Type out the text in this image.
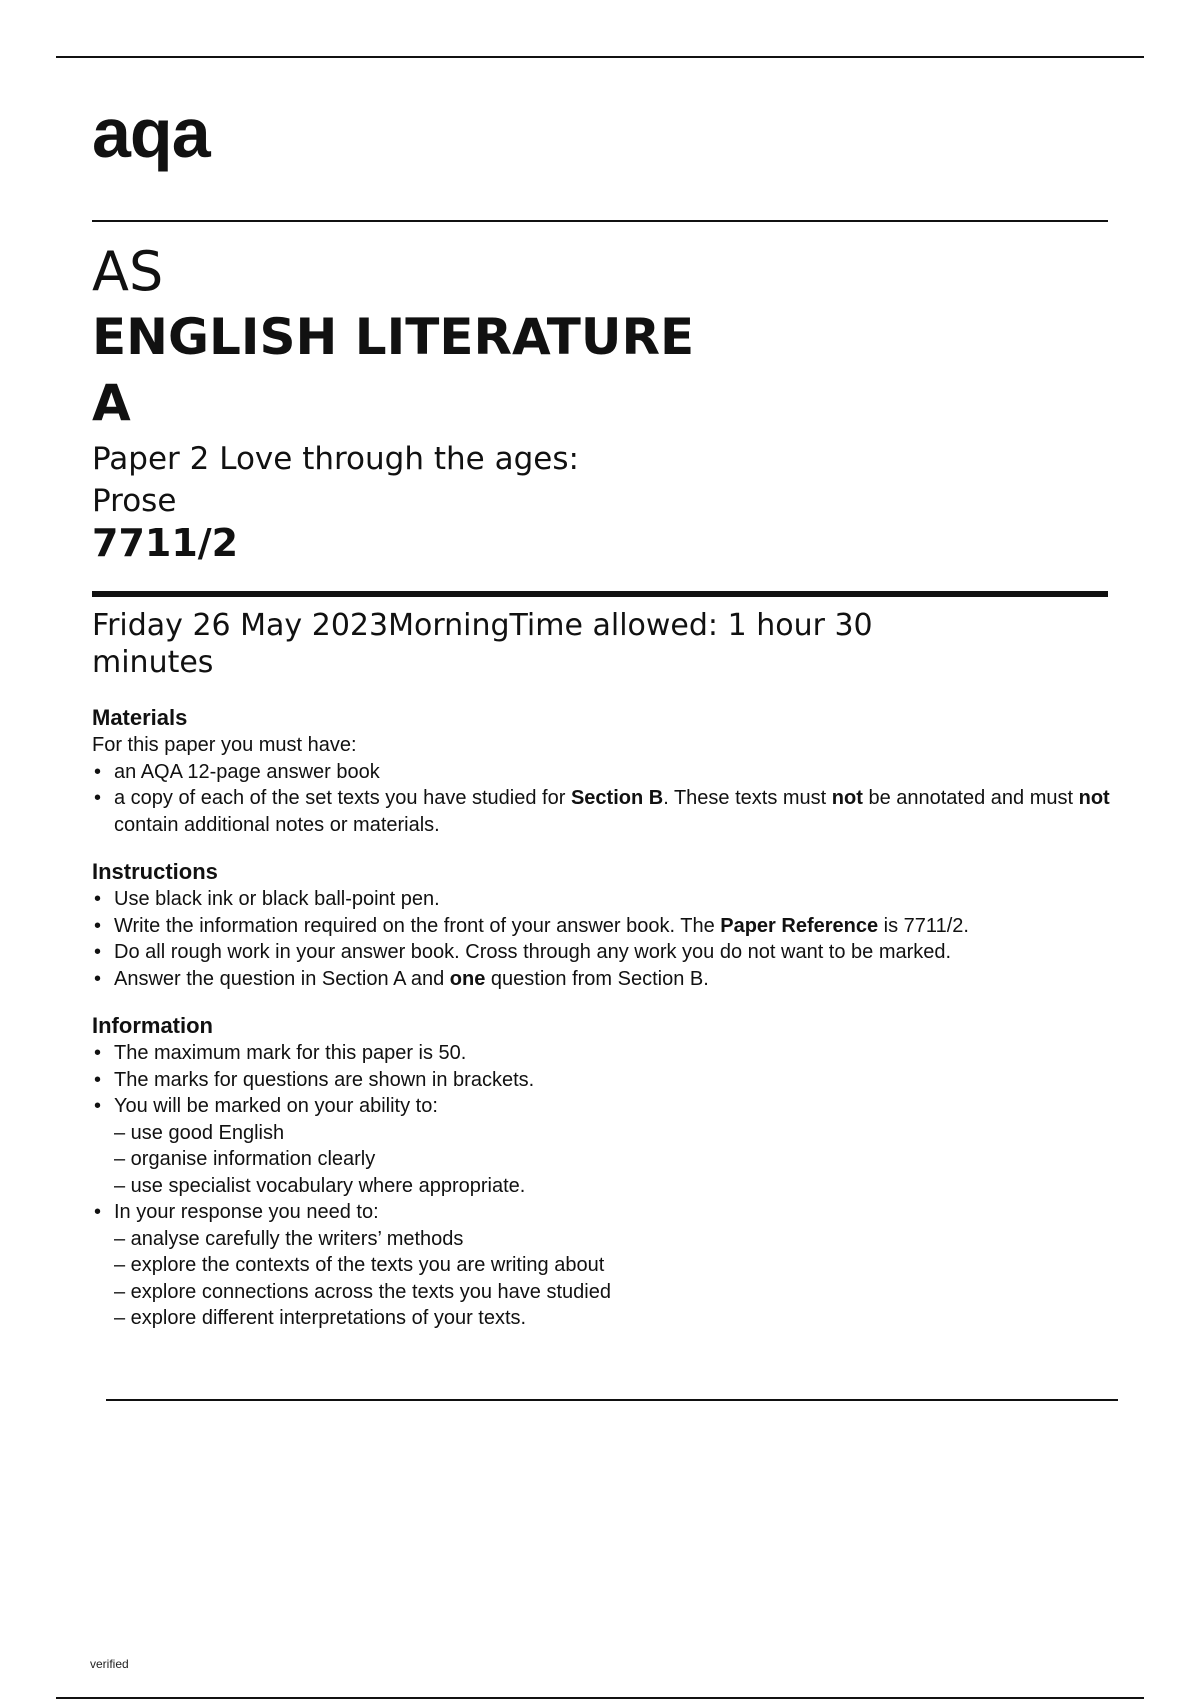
aqa
AS
ENGLISH LITERATURE
A
Paper 2 Love through the ages:
Prose
7711/2
Friday 26 May 2023MorningTime allowed: 1 hour 30
minutes

Materials

For this paper you must have:

• an AQA 12-page answer book
• a copy of each of the set texts you have studied for Section B. These texts must not be annotated and must not contain additional notes or materials.

Instructions

• Use black ink or black ball-point pen.
• Write the information required on the front of your answer book. The Paper Reference is 7711/2.
• Do all rough work in your answer book. Cross through any work you do not want to be marked.
• Answer the question in Section A and one question from Section B.

Information

• The maximum mark for this paper is 50.
• The marks for questions are shown in brackets.
• You will be marked on your ability to:
– use good English
– organise information clearly
– use specialist vocabulary where appropriate.
• In your response you need to:
– analyse carefully the writers’ methods
– explore the contexts of the texts you are writing about
– explore connections across the texts you have studied
– explore different interpretations of your texts.
verified
